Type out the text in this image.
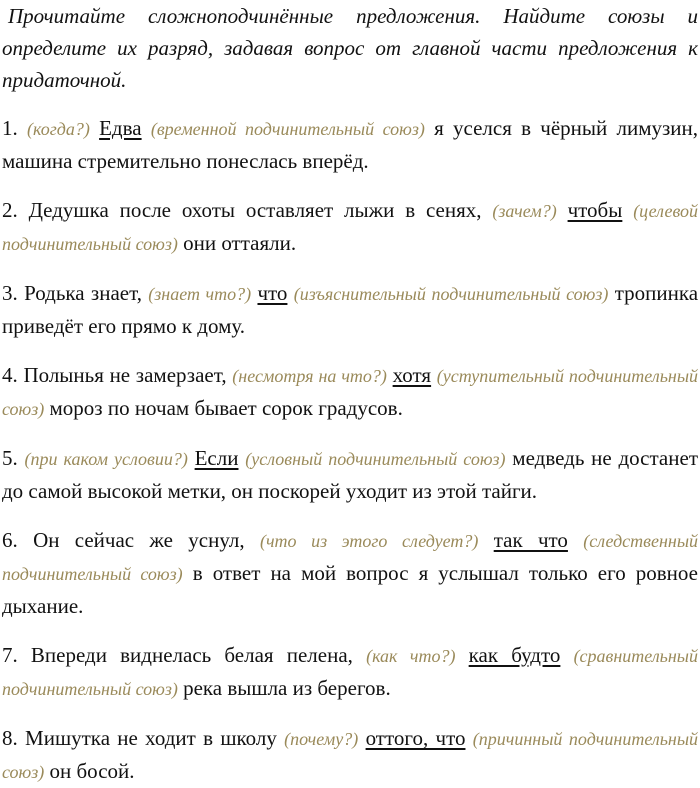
Прочитайте сложноподчинённые предложения. Найдите союзы и определите их разряд, задавая вопрос от главной части предложения к придаточной.

1. (когда?) Едва (временной подчинительный союз) я уселся в чёрный лимузин, машина стремительно понеслась вперёд.

2. Дедушка после охоты оставляет лыжи в сенях, (зачем?) чтобы (целевой подчинительный союз) они оттаяли.

3. Родька знает, (знает что?) что (изъяснительный подчинительный союз) тропинка приведёт его прямо к дому.

4. Полынья не замерзает, (несмотря на что?) хотя (уступительный подчинительный союз) мороз по ночам бывает сорок градусов.

5. (при каком условии?) Если (условный подчинительный союз) медведь не достанет до самой высокой метки, он поскорей уходит из этой тайги.

6. Он сейчас же уснул, (что из этого следует?) так что (следственный подчинительный союз) в ответ на мой вопрос я услышал только его ровное дыхание.

7. Впереди виднелась белая пелена, (как что?) как будто (сравнительный подчинительный союз) река вышла из берегов.

8. Мишутка не ходит в школу (почему?) оттого, что (причинный подчинительный союз) он босой.
